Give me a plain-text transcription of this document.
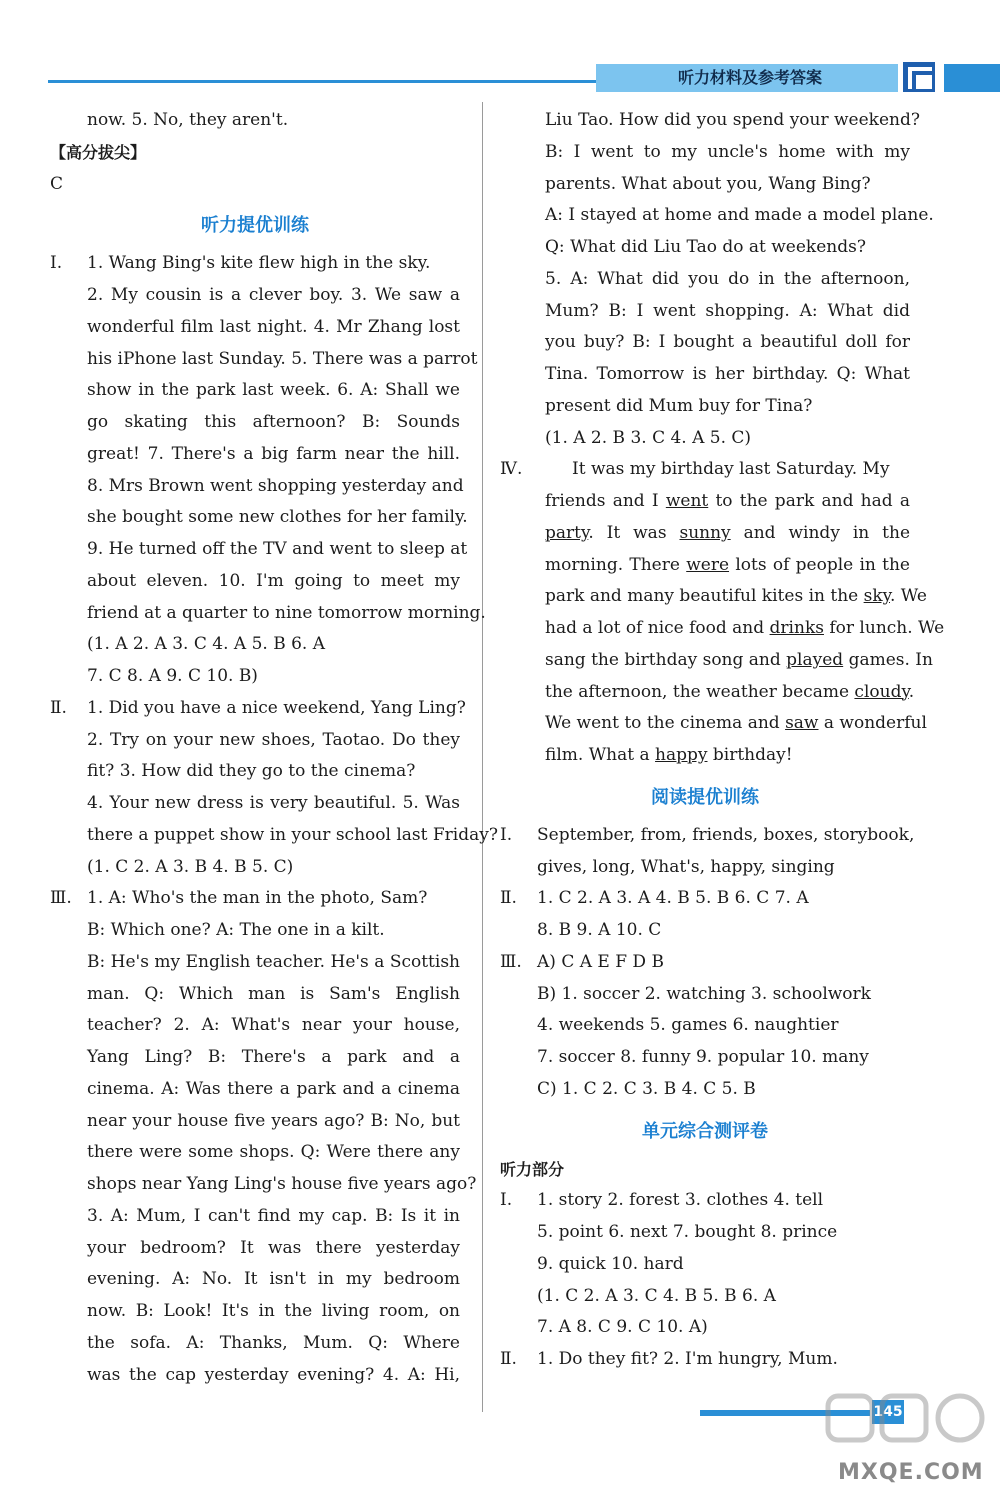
听力材料及参考答案
now. 5. No, they aren't.
【高分拔尖】
C
听力提优训练
Ⅰ. 1. Wang Bing's kite flew high in the sky.
2. My cousin is a clever boy. 3. We saw a
wonderful film last night. 4. Mr Zhang lost
his iPhone last Sunday. 5. There was a parrot
show in the park last week. 6. A: Shall we
go skating this afternoon? B: Sounds
great! 7. There's a big farm near the hill.
8. Mrs Brown went shopping yesterday and
she bought some new clothes for her family.
9. He turned off the TV and went to sleep at
about eleven. 10. I'm going to meet my
friend at a quarter to nine tomorrow morning.
(1. A 2. A 3. C 4. A 5. B 6. A
7. C 8. A 9. C 10. B)
Ⅱ. 1. Did you have a nice weekend, Yang Ling?
2. Try on your new shoes, Taotao. Do they
fit? 3. How did they go to the cinema?
4. Your new dress is very beautiful. 5. Was
there a puppet show in your school last Friday?
(1. C 2. A 3. B 4. B 5. C)
Ⅲ. 1. A: Who's the man in the photo, Sam?
B: Which one? A: The one in a kilt.
B: He's my English teacher. He's a Scottish
man. Q: Which man is Sam's English
teacher? 2. A: What's near your house,
Yang Ling? B: There's a park and a
cinema. A: Was there a park and a cinema
near your house five years ago? B: No, but
there were some shops. Q: Were there any
shops near Yang Ling's house five years ago?
3. A: Mum, I can't find my cap. B: Is it in
your bedroom? It was there yesterday
evening. A: No. It isn't in my bedroom
now. B: Look! It's in the living room, on
the sofa. A: Thanks, Mum. Q: Where
was the cap yesterday evening? 4. A: Hi,
Liu Tao. How did you spend your weekend?
B: I went to my uncle's home with my
parents. What about you, Wang Bing?
A: I stayed at home and made a model plane.
Q: What did Liu Tao do at weekends?
5. A: What did you do in the afternoon,
Mum? B: I went shopping. A: What did
you buy? B: I bought a beautiful doll for
Tina. Tomorrow is her birthday. Q: What
present did Mum buy for Tina?
(1. A 2. B 3. C 4. A 5. C)
Ⅳ.	It was my birthday last Saturday. My
friends and I went to the park and had a
party. It was sunny and windy in the
morning. There were lots of people in the
park and many beautiful kites in the sky. We
had a lot of nice food and drinks for lunch. We
sang the birthday song and played games. In
the afternoon, the weather became cloudy.
We went to the cinema and saw a wonderful
film. What a happy birthday!
阅读提优训练
Ⅰ. September, from, friends, boxes, storybook,
gives, long, What's, happy, singing
Ⅱ. 1. C 2. A 3. A 4. B 5. B 6. C 7. A
8. B 9. A 10. C
Ⅲ. A) C A E F D B
B) 1. soccer 2. watching 3. schoolwork
4. weekends 5. games 6. naughtier
7. soccer 8. funny 9. popular 10. many
C) 1. C 2. C 3. B 4. C 5. B
单元综合测评卷
听力部分
Ⅰ. 1. story 2. forest 3. clothes 4. tell
5. point 6. next 7. bought 8. prince
9. quick 10. hard
(1. C 2. A 3. C 4. B 5. B 6. A
7. A 8. C 9. C 10. A)
Ⅱ. 1. Do they fit? 2. I'm hungry, Mum.
145
MXQE.COM
